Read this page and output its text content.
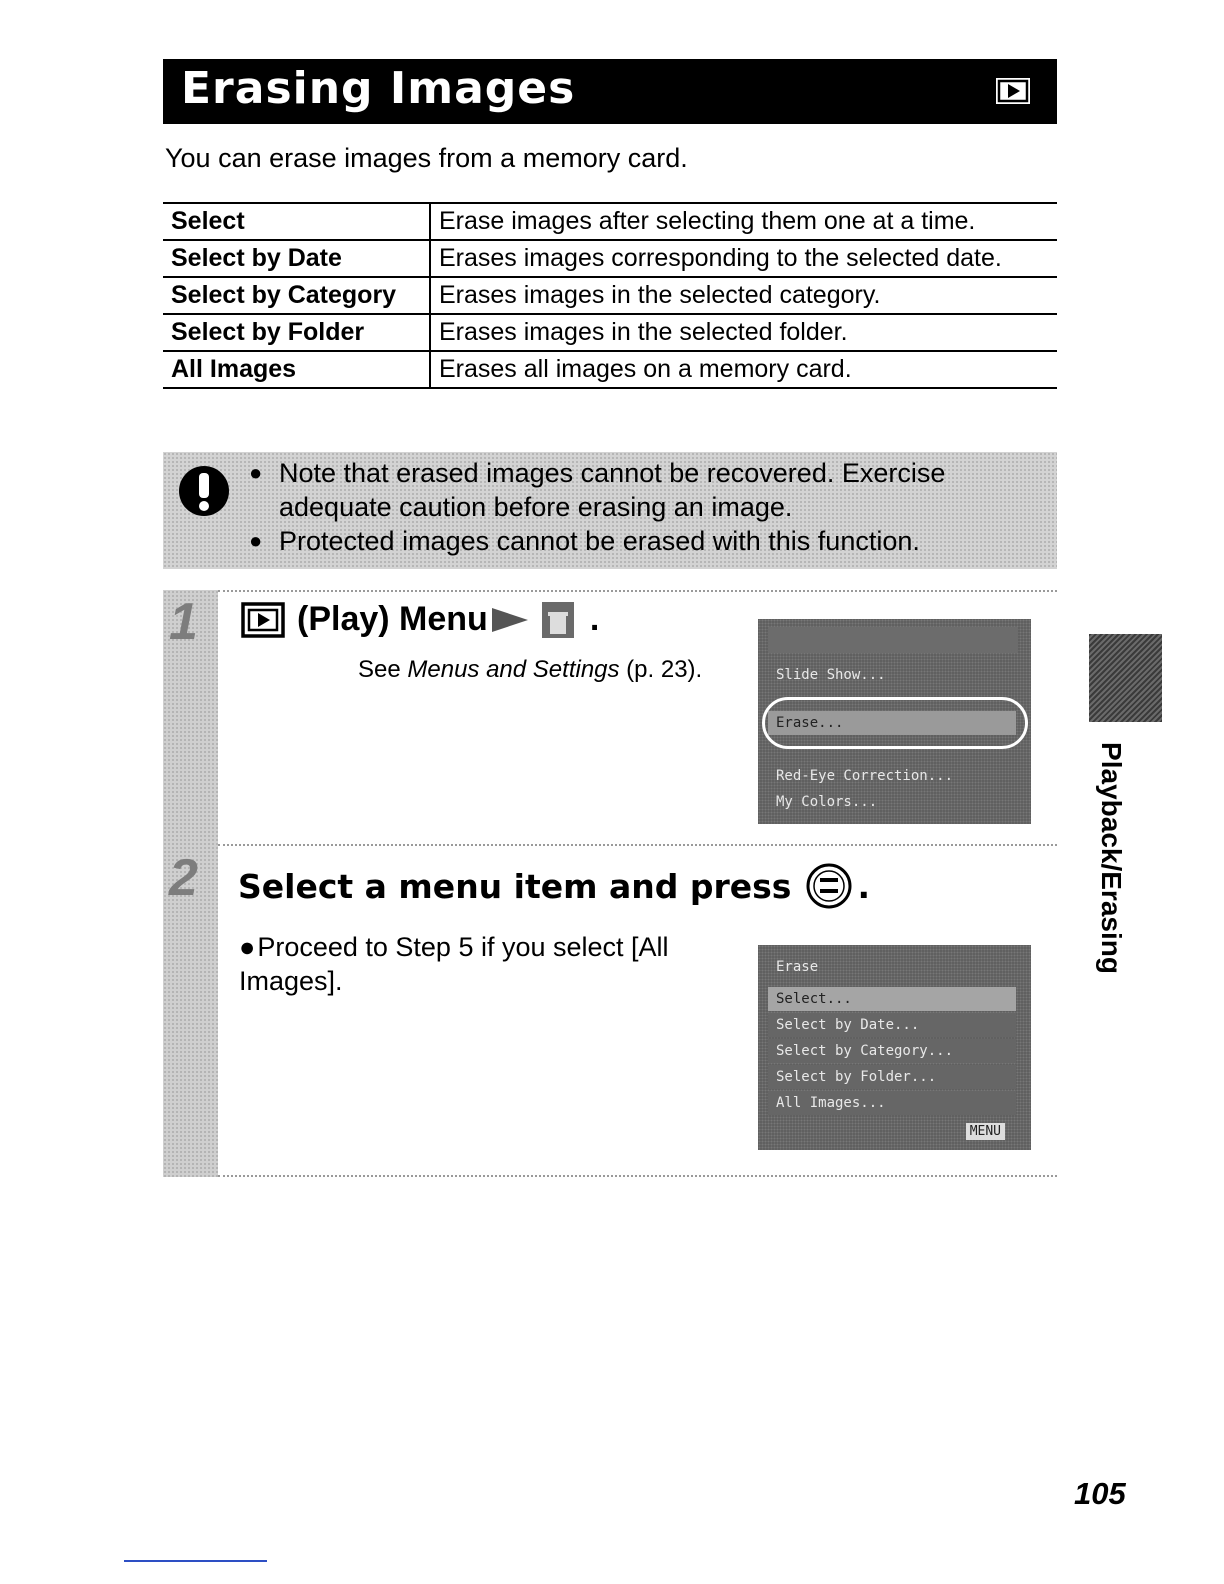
Erasing Images
You can erase images from a memory card.
Select	Erase images after selecting them one at a time.
Select by Date	Erases images corresponding to the selected date.
Select by Category	Erases images in the selected category.
Select by Folder	Erases images in the selected folder.
All Images	Erases all images on a memory card.
● Note that erased images cannot be recovered. Exercise adequate caution before erasing an image.
● Protected images cannot be erased with this function.
1	(Play) Menu	.
See Menus and Settings (p. 23).	Slide Show...
Erase...
Red-Eye Correction...
My Colors...
2 Select a menu item and press .
●Proceed to Step 5 if you select [All Images].	Erase
Select...
Select by Date...
Select by Category...
Select by Folder...
All Images...
MENU
Playback/Erasing
105
